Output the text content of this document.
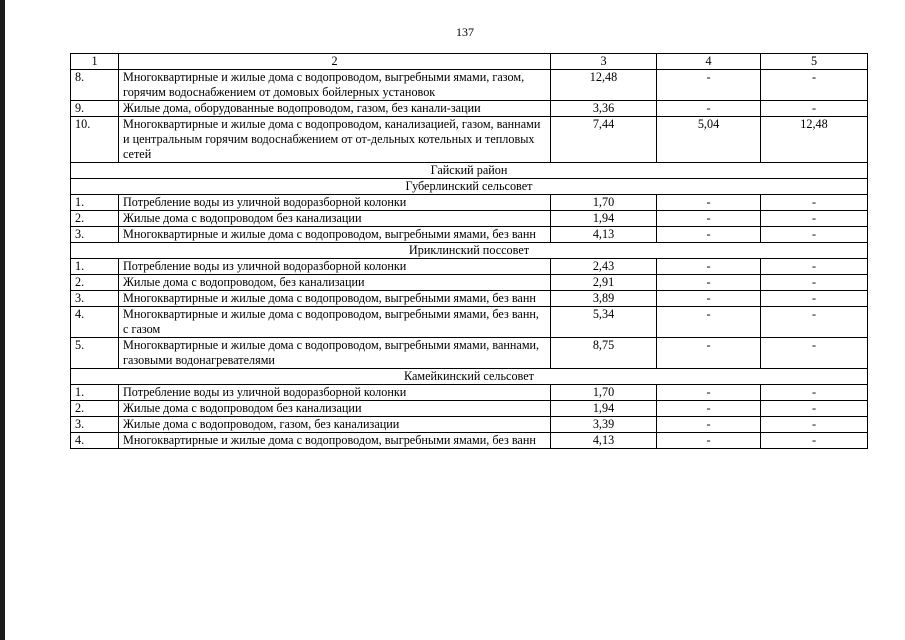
137
1	2	3	4	5
8.	Многоквартирные и жилые дома с водопроводом, выгребными ямами, газом, горячим водоснабжением от домовых бойлерных установок	12,48	-	-
9.	Жилые дома, оборудованные водопроводом, газом, без канали-зации	3,36	-	-
10.	Многоквартирные и жилые дома с водопроводом, канализацией, газом, ваннами и центральным горячим водоснабжением от от-дельных котельных и тепловых сетей	7,44	5,04	12,48
Гайский район				
Губерлинский сельсовет				
1.	Потребление воды из уличной водоразборной колонки	1,70	-	-
2.	Жилые дома с водопроводом без канализации	1,94	-	-
3.	Многоквартирные и жилые дома с водопроводом, выгребными ямами, без ванн	4,13	-	-
Ириклинский поссовет				
1.	Потребление воды из уличной водоразборной колонки	2,43	-	-
2.	Жилые дома с водопроводом, без канализации	2,91	-	-
3.	Многоквартирные и жилые дома с водопроводом, выгребными ямами, без ванн	3,89	-	-
4.	Многоквартирные и жилые дома с водопроводом, выгребными ямами, без ванн, с газом	5,34	-	-
5.	Многоквартирные и жилые дома с водопроводом, выгребными ямами, ваннами, газовыми водонагревателями	8,75	-	-
Камейкинский сельсовет				
1.	Потребление воды из уличной водоразборной колонки	1,70	-	-
2.	Жилые дома с водопроводом без канализации	1,94	-	-
3.	Жилые дома с водопроводом, газом, без канализации	3,39	-	-
4.	Многоквартирные и жилые дома с водопроводом, выгребными ямами, без ванн	4,13	-	-
